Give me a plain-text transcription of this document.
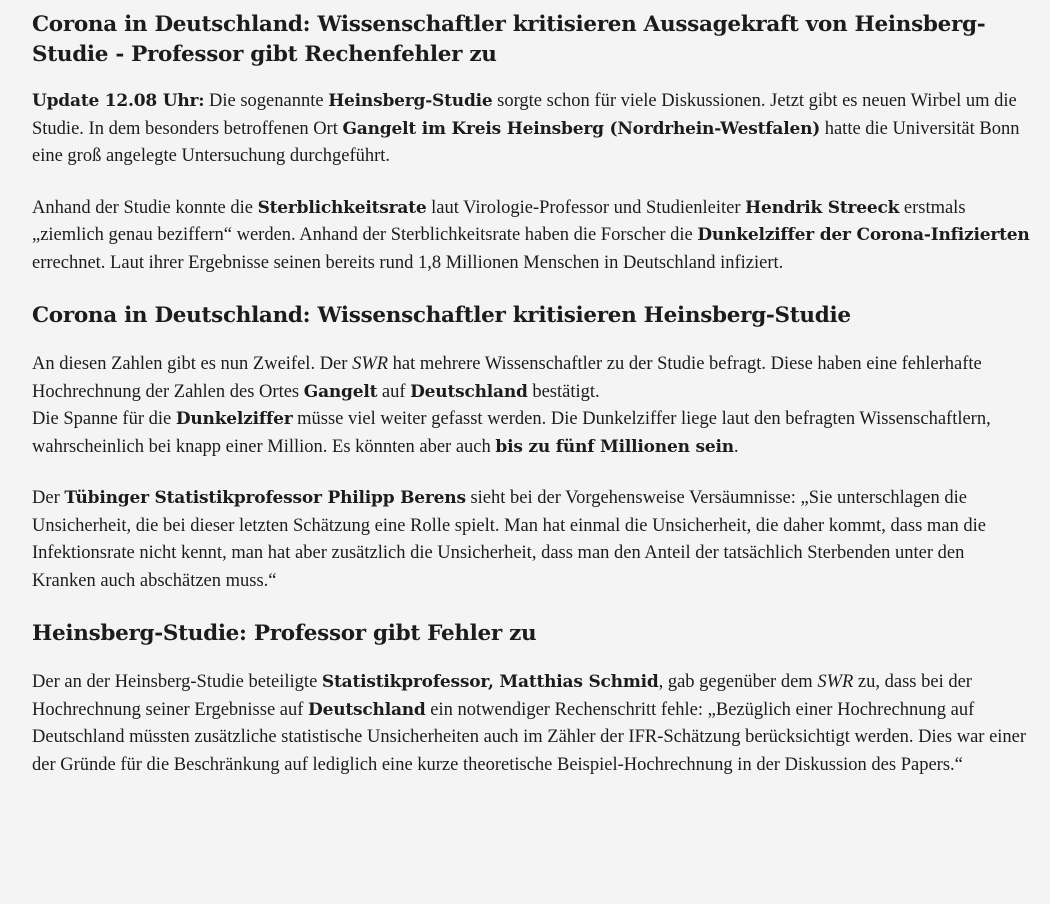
Corona in Deutschland: Wissenschaftler kritisieren Aussagekraft von Heinsberg-Studie - Professor gibt Rechenfehler zu

Update 12.08 Uhr: Die sogenannte Heinsberg-Studie sorgte schon für viele Diskussionen. Jetzt gibt es neuen Wirbel um die Studie. In dem besonders betroffenen Ort Gangelt im Kreis Heinsberg (Nordrhein-Westfalen) hatte die Universität Bonn eine groß angelegte Untersuchung durchgeführt.

Anhand der Studie konnte die Sterblichkeitsrate laut Virologie-Professor und Studienleiter Hendrik Streeck erstmals „ziemlich genau beziffern“ werden. Anhand der Sterblichkeitsrate haben die Forscher die Dunkelziffer der Corona-Infizierten errechnet. Laut ihrer Ergebnisse seinen bereits rund 1,8 Millionen Menschen in Deutschland infiziert.

Corona in Deutschland: Wissenschaftler kritisieren Heinsberg-Studie

An diesen Zahlen gibt es nun Zweifel. Der SWR hat mehrere Wissenschaftler zu der Studie befragt. Diese haben eine fehlerhafte Hochrechnung der Zahlen des Ortes Gangelt auf Deutschland bestätigt.
Die Spanne für die Dunkelziffer müsse viel weiter gefasst werden. Die Dunkelziffer liege laut den befragten Wissenschaftlern, wahrscheinlich bei knapp einer Million. Es könnten aber auch bis zu fünf Millionen sein.

Der Tübinger Statistikprofessor Philipp Berens sieht bei der Vorgehensweise Versäumnisse: „Sie unterschlagen die Unsicherheit, die bei dieser letzten Schätzung eine Rolle spielt. Man hat einmal die Unsicherheit, die daher kommt, dass man die Infektionsrate nicht kennt, man hat aber zusätzlich die Unsicherheit, dass man den Anteil der tatsächlich Sterbenden unter den Kranken auch abschätzen muss.“

Heinsberg-Studie: Professor gibt Fehler zu

Der an der Heinsberg-Studie beteiligte Statistikprofessor, Matthias Schmid, gab gegenüber dem SWR zu, dass bei der Hochrechnung seiner Ergebnisse auf Deutschland ein notwendiger Rechenschritt fehle: „Bezüglich einer Hochrechnung auf Deutschland müssten zusätzliche statistische Unsicherheiten auch im Zähler der IFR-Schätzung berücksichtigt werden. Dies war einer der Gründe für die Beschränkung auf lediglich eine kurze theoretische Beispiel-Hochrechnung in der Diskussion des Papers.“
